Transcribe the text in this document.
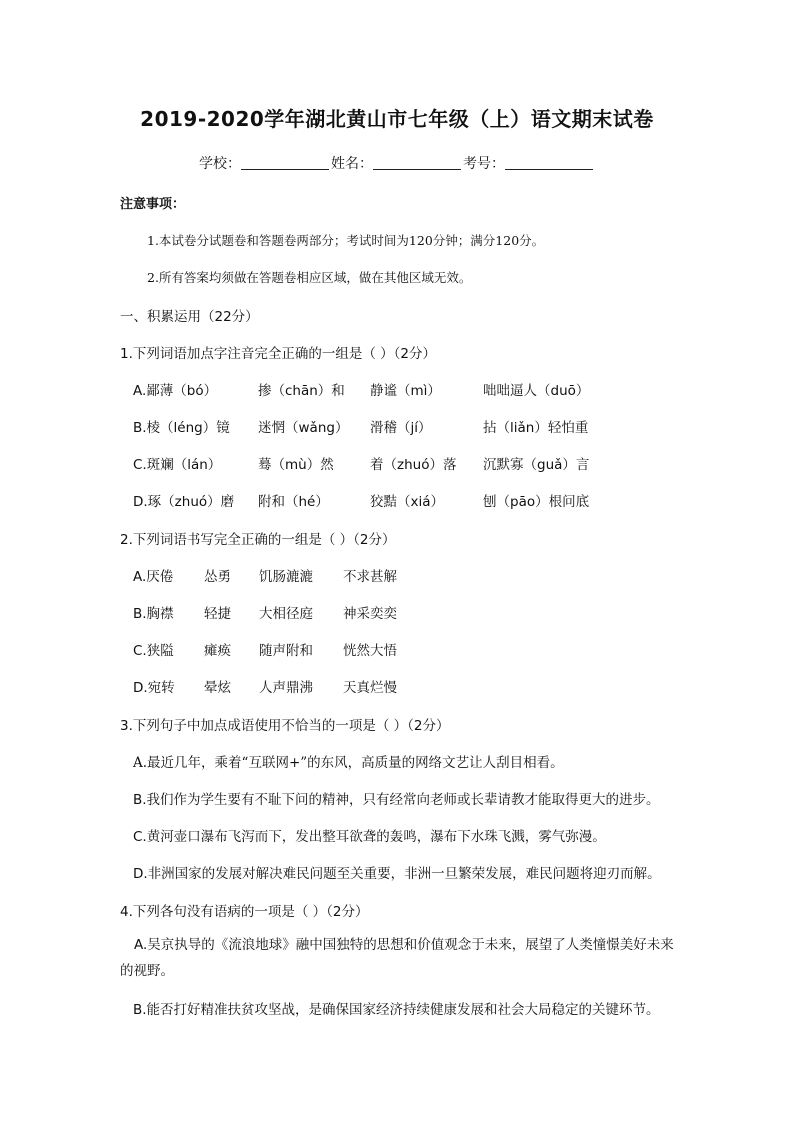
2019-2020学年湖北黄山市七年级（上）语文期末试卷
学校：	姓名：	考号：
注意事项：
1.本试卷分试题卷和答题卷两部分；考试时间为120分钟；满分120分。
2.所有答案均须做在答题卷相应区域，做在其他区域无效。
一、积累运用（22分）
1.下列词语加点字注音完全正确的一组是（ ）（2分）
A.鄙薄（bó）	掺（chān）和 静谧（mì）	咄咄逼人（duō）
B.棱（léng）镜 迷惘（wǎng） 滑稽（jí）	拈（liǎn）轻怕重
C.斑斓（lán）	蓦（mù）然	着（zhuó）落 沉默寡（guǎ）言
D.琢（zhuó）磨 附和（hé）	狡黠（xiá）	刨（pāo）根问底
2.下列词语书写完全正确的一组是（ ）（2分）
A.厌倦 怂勇 饥肠漉漉 不求甚解
B.胸襟 轻捷 大相径庭 神采奕奕
C.狭隘 瘫痪 随声附和 恍然大悟
D.宛转 晕炫 人声鼎沸 天真烂慢
3.下列句子中加点成语使用不恰当的一项是（ ）（2分）
A.最近几年，乘着“互联网+”的东风，高质量的网络文艺让人刮目相看。
B.我们作为学生要有不耻下问的精神，只有经常向老师或长辈请教才能取得更大的进步。
C.黄河壶口瀑布飞泻而下，发出整耳欲聋的轰鸣，瀑布下水珠飞溅，雾气弥漫。
D.非洲国家的发展对解决难民问题至关重要，非洲一旦繁荣发展，难民问题将迎刃而解。
4.下列各句没有语病的一项是（ ）（2分）
A.吴京执导的《流浪地球》融中国独特的思想和价值观念于未来，展望了人类憧憬美好未来的视野。
B.能否打好精准扶贫攻坚战，是确保国家经济持续健康发展和社会大局稳定的关键环节。
